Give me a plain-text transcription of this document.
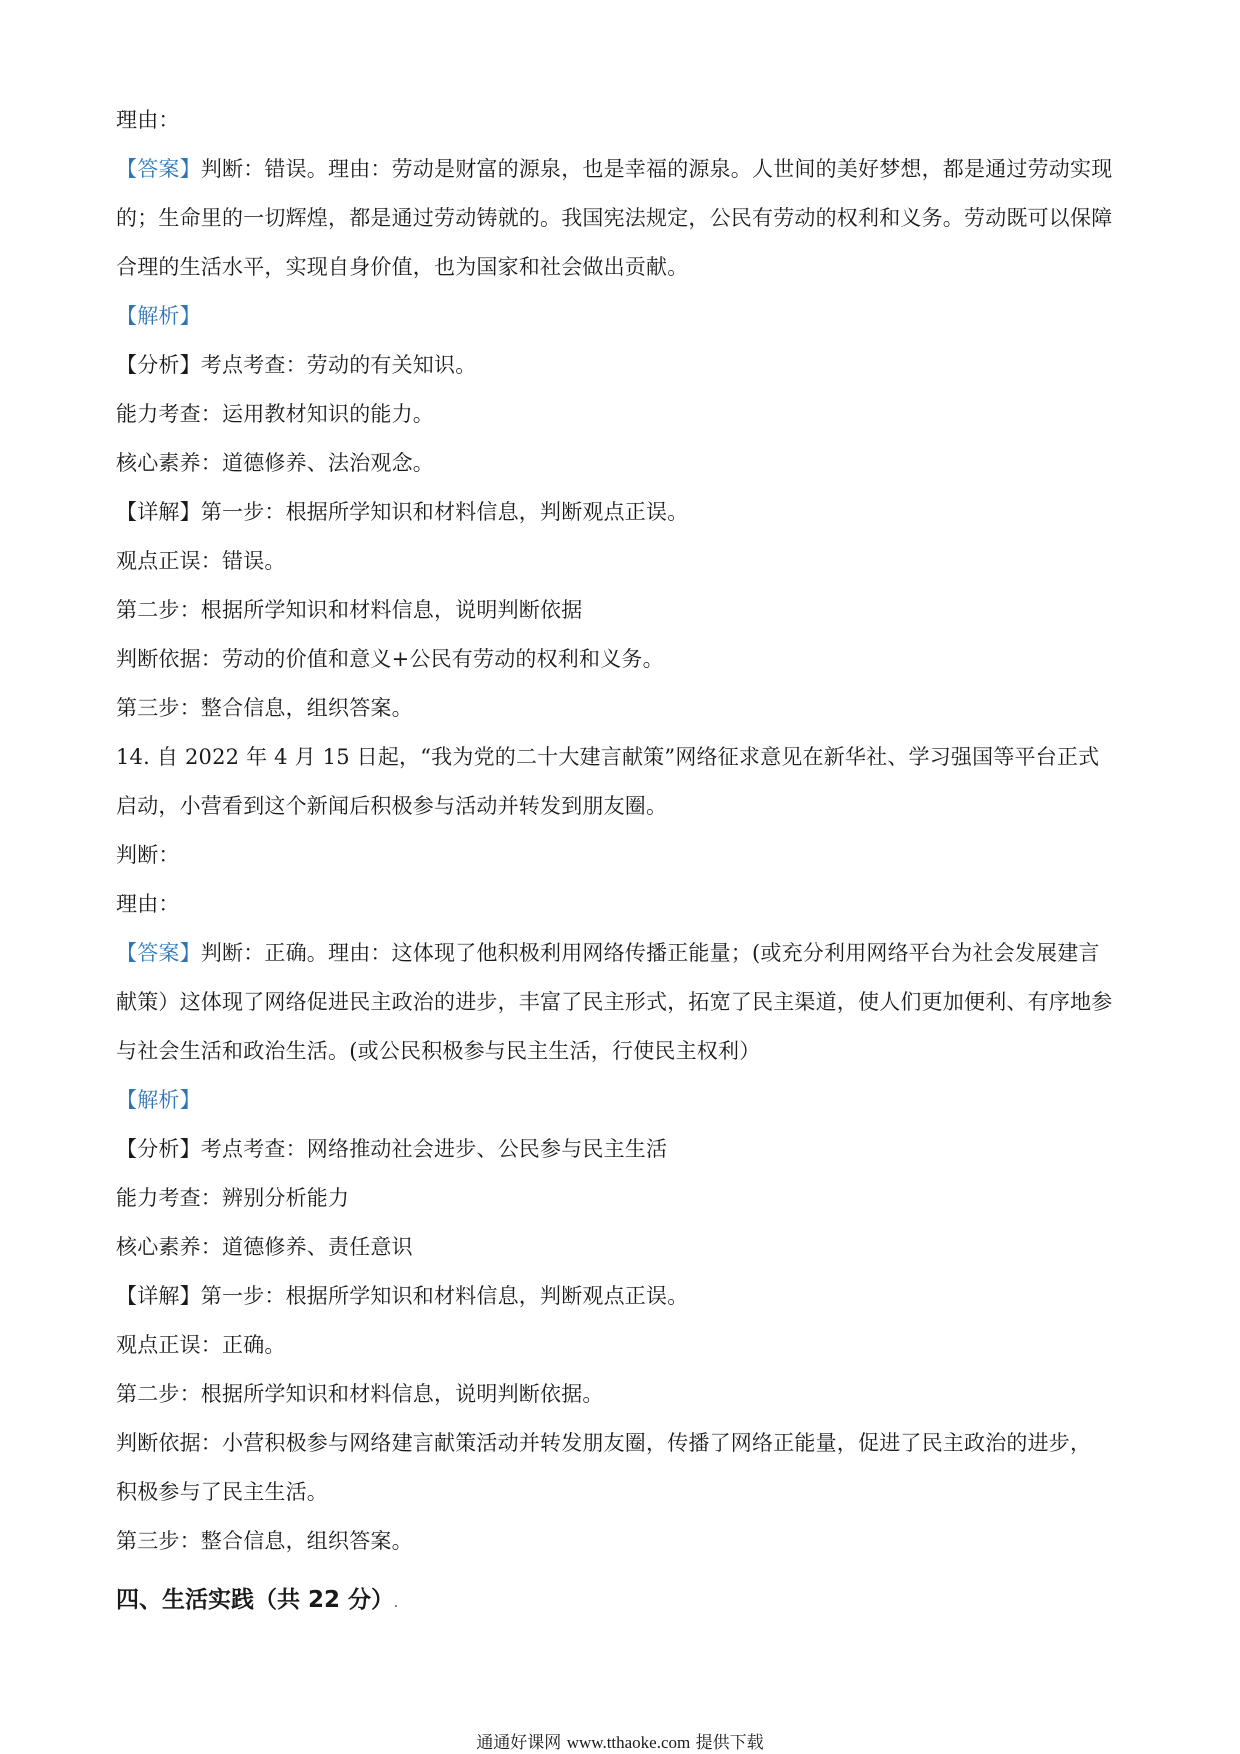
理由：
【答案】判断：错误。理由：劳动是财富的源泉，也是幸福的源泉。人世间的美好梦想，都是通过劳动实现
的；生命里的一切辉煌，都是通过劳动铸就的。我国宪法规定，公民有劳动的权利和义务。劳动既可以保障
合理的生活水平，实现自身价值，也为国家和社会做出贡献。
【解析】
【分析】考点考查：劳动的有关知识。
能力考查：运用教材知识的能力。
核心素养：道德修养、法治观念。
【详解】第一步：根据所学知识和材料信息，判断观点正误。
观点正误：错误。
第二步：根据所学知识和材料信息，说明判断依据
判断依据：劳动的价值和意义+公民有劳动的权利和义务。
第三步：整合信息，组织答案。
14. 自 2022 年 4 月 15 日起，“我为党的二十大建言献策”网络征求意见在新华社、学习强国等平台正式
启动，小营看到这个新闻后积极参与活动并转发到朋友圈。
判断：
理由：
【答案】判断：正确。理由：这体现了他积极利用网络传播正能量；(或充分利用网络平台为社会发展建言
献策）这体现了网络促进民主政治的进步，丰富了民主形式，拓宽了民主渠道，使人们更加便利、有序地参
与社会生活和政治生活。(或公民积极参与民主生活，行使民主权利）
【解析】
【分析】考点考查：网络推动社会进步、公民参与民主生活
能力考查：辨别分析能力
核心素养：道德修养、责任意识
【详解】第一步：根据所学知识和材料信息，判断观点正误。
观点正误：正确。
第二步：根据所学知识和材料信息，说明判断依据。
判断依据：小营积极参与网络建言献策活动并转发朋友圈，传播了网络正能量，促进了民主政治的进步，
积极参与了民主生活。
第三步：整合信息，组织答案。
四、生活实践（共 22 分）.
通通好课网 www.tthaoke.com 提供下载
